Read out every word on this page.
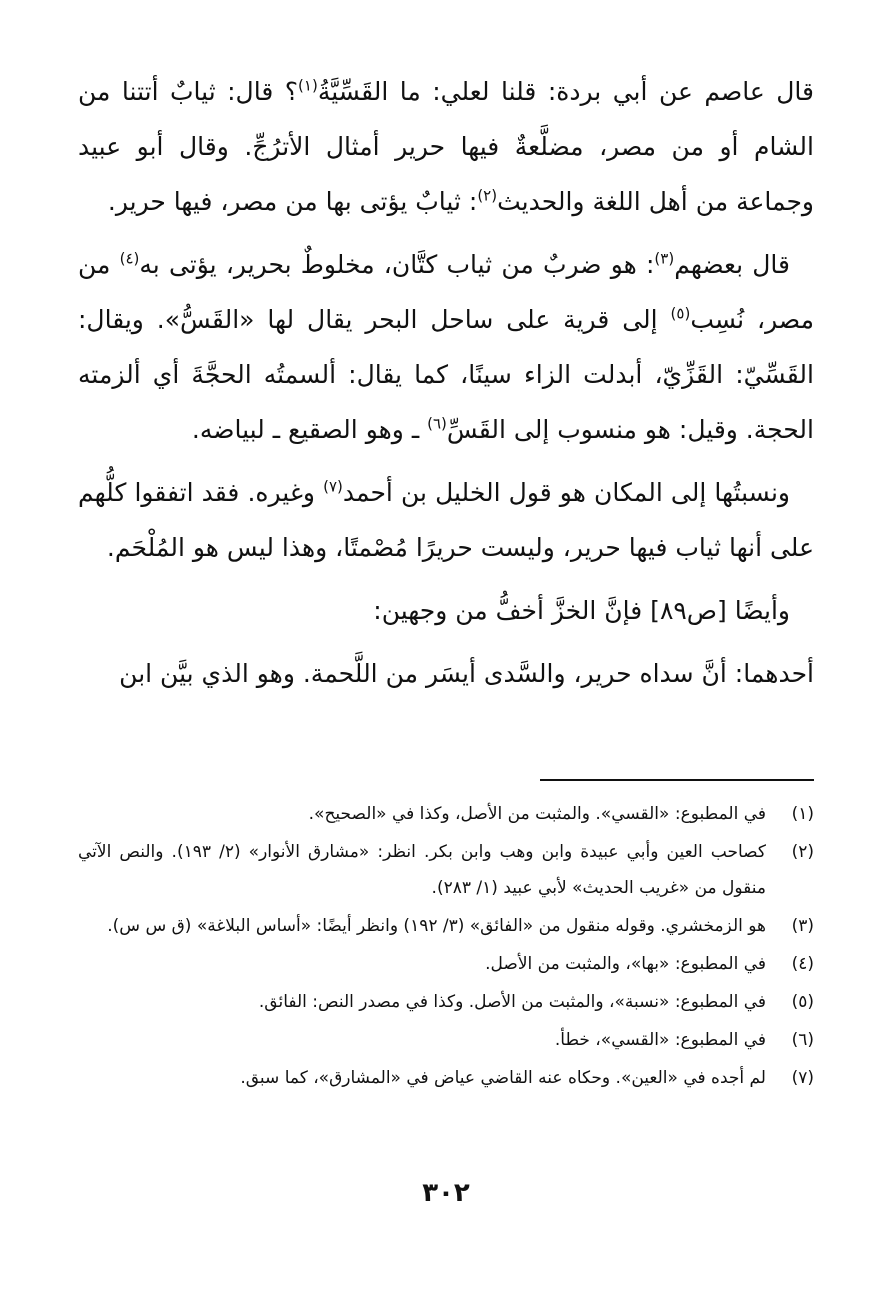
قال عاصم عن أبي بردة: قلنا لعلي: ما القَسِّيَّةُ$^{(١)}$؟ قال: ثيابٌ أتتنا من الشام أو من مصر، مضلَّعةٌ فيها حرير أمثال الأترُجِّ. وقال أبو عبيد وجماعة من أهل اللغة والحديث$^{(٢)}$: ثيابٌ يؤتى بها من مصر، فيها حرير.

قال بعضهم$^{(٣)}$: هو ضربٌ من ثياب كتَّان، مخلوطٌ بحرير، يؤتى به$^{(٤)}$ من مصر، نُسِب$^{(٥)}$ إلى قرية على ساحل البحر يقال لها «القَسُّ». ويقال: القَسِّيّ: القَزِّيّ، أبدلت الزاء سينًا، كما يقال: ألسمتُه الحجَّةَ أي ألزمته الحجة. وقيل: هو منسوب إلى القَسِّ$^{(٦)}$ ـ وهو الصقيع ـ لبياضه.

ونسبتُها إلى المكان هو قول الخليل بن أحمد$^{(٧)}$ وغيره. فقد اتفقوا كلُّهم على أنها ثياب فيها حرير، وليست حريرًا مُصْمتًا، وهذا ليس هو المُلْحَم.

وأيضًا [ص٨٩] فإنَّ الخزَّ أخفُّ من وجهين:

أحدهما: أنَّ سداه حرير، والسَّدى أيسَر من اللَّحمة. وهو الذي بيَّن ابن

(١)
في المطبوع: «القسي». والمثبت من الأصل، وكذا في «الصحيح».
(٢)
كصاحب العين وأبي عبيدة وابن وهب وابن بكر. انظر: «مشارق الأنوار» (٢/ ١٩٣). والنص الآتي منقول من «غريب الحديث» لأبي عبيد (١/ ٢٨٣).
(٣)
هو الزمخشري. وقوله منقول من «الفائق» (٣/ ١٩٢) وانظر أيضًا: «أساس البلاغة» (ق س س).
(٤)
في المطبوع: «بها»، والمثبت من الأصل.
(٥)
في المطبوع: «نسبة»، والمثبت من الأصل. وكذا في مصدر النص: الفائق.
(٦)
في المطبوع: «القسي»، خطأ.
(٧)
لم أجده في «العين». وحكاه عنه القاضي عياض في «المشارق»، كما سبق.
٣٠٢
